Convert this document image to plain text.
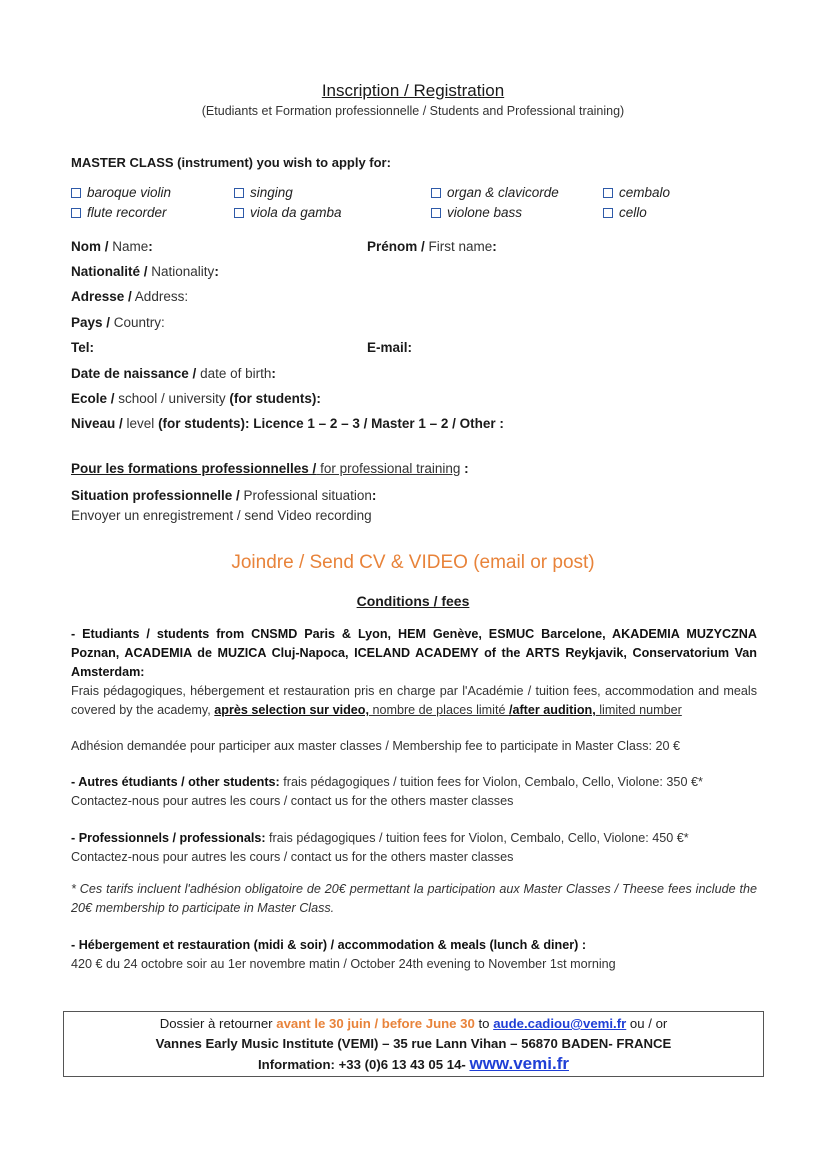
Inscription / Registration
(Etudiants et Formation professionnelle / Students and Professional training)
MASTER CLASS (instrument) you wish to apply for:
baroque violin	singing	organ & clavicorde	cembalo
flute recorder	viola da gamba	violone bass	cello
Nom / Name:	Prénom / First name:
Nationalité / Nationality:
Adresse / Address:
Pays / Country:
Tel:	E-mail:
Date de naissance / date of birth:
Ecole / school / university (for students):
Niveau / level (for students): Licence 1 – 2 – 3 / Master 1 – 2 / Other :
Pour les formations professionnelles / for professional training :
Situation professionnelle / Professional situation:
Envoyer un enregistrement / send Video recording
Joindre / Send CV & VIDEO (email or post)
Conditions / fees
- Etudiants / students from CNSMD Paris & Lyon, HEM Genève, ESMUC Barcelone, AKADEMIA MUZYCZNA Poznan, ACADEMIA de MUZICA Cluj-Napoca, ICELAND ACADEMY of the ARTS Reykjavik, Conservatorium Van Amsterdam:
Frais pédagogiques, hébergement et restauration pris en charge par l'Académie / tuition fees, accommodation and meals covered by the academy, après selection sur video, nombre de places limité /after audition, limited number
Adhésion demandée pour participer aux master classes / Membership fee to participate in Master Class: 20 €
- Autres étudiants / other students: frais pédagogiques / tuition fees for Violon, Cembalo, Cello, Violone: 350 €*
Contactez-nous pour autres les cours / contact us for the others master classes
- Professionnels / professionals: frais pédagogiques / tuition fees for Violon, Cembalo, Cello, Violone: 450 €*
Contactez-nous pour autres les cours / contact us for the others master classes
* Ces tarifs incluent l'adhésion obligatoire de 20€ permettant la participation aux Master Classes / Theese fees include the 20€ membership to participate in Master Class.
- Hébergement et restauration (midi & soir) / accommodation & meals (lunch & diner) :
420 € du 24 octobre soir au 1er novembre matin / October 24th evening to November 1st morning
Dossier à retourner avant le 30 juin / before June 30 to aude.cadiou@vemi.fr ou / or
Vannes Early Music Institute (VEMI) – 35 rue Lann Vihan – 56870 BADEN- FRANCE
Information: +33 (0)6 13 43 05 14- www.vemi.fr
